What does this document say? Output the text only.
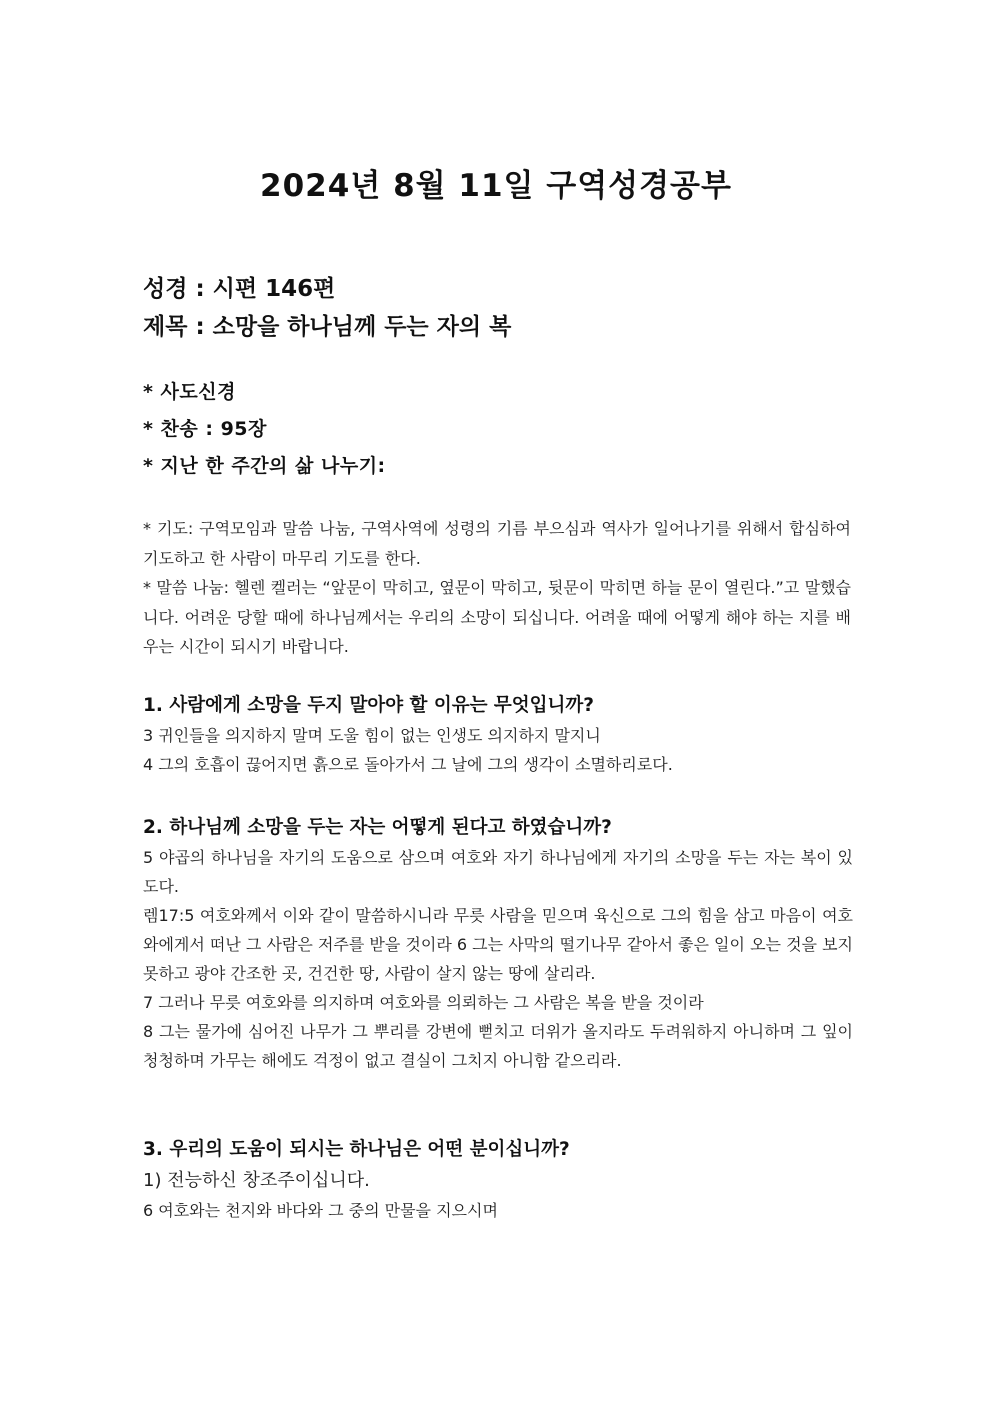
2024년 8월 11일 구역성경공부
성경 : 시편 146편
제목 : 소망을 하나님께 두는 자의 복
* 사도신경
* 찬송 : 95장
* 지난 한 주간의 삶 나누기:
* 기도: 구역모임과 말씀 나눔, 구역사역에 성령의 기름 부으심과 역사가 일어나기를 위해서 합심하여 기도하고 한 사람이 마무리 기도를 한다.
* 말씀 나눔: 헬렌 켈러는 “앞문이 막히고, 옆문이 막히고, 뒷문이 막히면 하늘 문이 열린다.”고 말했습니다. 어려운 당할 때에 하나님께서는 우리의 소망이 되십니다. 어려울 때에 어떻게 해야 하는 지를 배우는 시간이 되시기 바랍니다.
1. 사람에게 소망을 두지 말아야 할 이유는 무엇입니까?
3 귀인들을 의지하지 말며 도울 힘이 없는 인생도 의지하지 말지니
4 그의 호흡이 끊어지면 흙으로 돌아가서 그 날에 그의 생각이 소멸하리로다.
2. 하나님께 소망을 두는 자는 어떻게 된다고 하였습니까?
5 야곱의 하나님을 자기의 도움으로 삼으며 여호와 자기 하나님에게 자기의 소망을 두는 자는 복이 있도다.
렘17:5 여호와께서 이와 같이 말씀하시니라 무릇 사람을 믿으며 육신으로 그의 힘을 삼고 마음이 여호와에게서 떠난 그 사람은 저주를 받을 것이라 6 그는 사막의 떨기나무 같아서 좋은 일이 오는 것을 보지 못하고 광야 간조한 곳, 건건한 땅, 사람이 살지 않는 땅에 살리라.
7 그러나 무릇 여호와를 의지하며 여호와를 의뢰하는 그 사람은 복을 받을 것이라
8 그는 물가에 심어진 나무가 그 뿌리를 강변에 뻗치고 더위가 올지라도 두려워하지 아니하며 그 잎이 청청하며 가무는 해에도 걱정이 없고 결실이 그치지 아니함 같으리라.
3. 우리의 도움이 되시는 하나님은 어떤 분이십니까?
1) 전능하신 창조주이십니다.
6 여호와는 천지와 바다와 그 중의 만물을 지으시며
